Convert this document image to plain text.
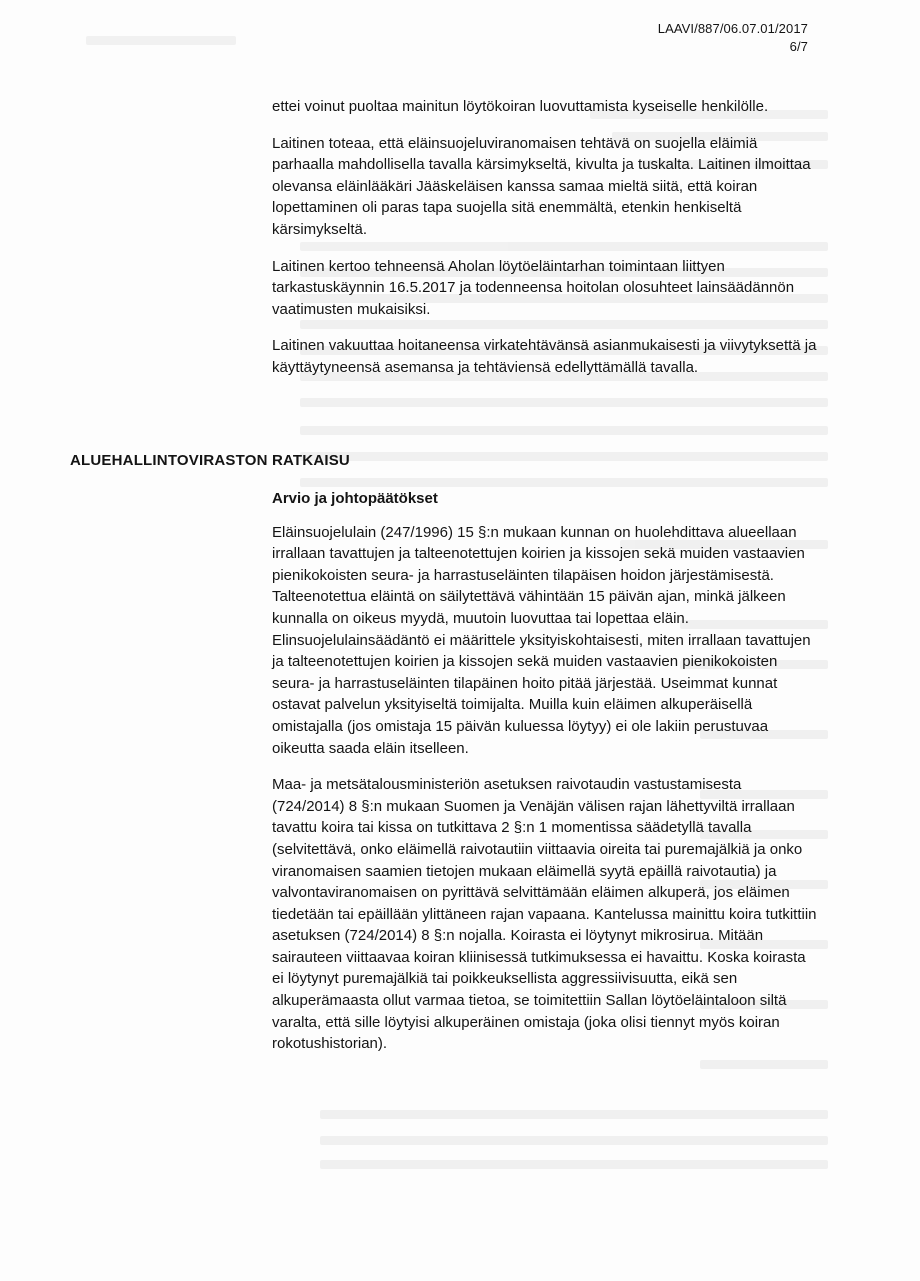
LAAVI/887/06.07.01/2017
6/7

ettei voinut puoltaa mainitun löytökoiran luovuttamista kyseiselle henkilölle.

Laitinen toteaa, että eläinsuojeluviranomaisen tehtävä on suojella eläimiä parhaalla mahdollisella tavalla kärsimykseltä, kivulta ja tuskalta. Laitinen ilmoittaa olevansa eläinlääkäri Jääskeläisen kanssa samaa mieltä siitä, että koiran lopettaminen oli paras tapa suojella sitä enemmältä, etenkin henkiseltä kärsimykseltä.

Laitinen kertoo tehneensä Aholan löytöeläintarhan toimintaan liittyen tarkastuskäynnin 16.5.2017 ja todenneensa hoitolan olosuhteet lainsäädännön vaatimusten mukaisiksi.

Laitinen vakuuttaa hoitaneensa virkatehtävänsä asianmukaisesti ja viivytyksettä ja käyttäytyneensä asemansa ja tehtäviensä edellyttämällä tavalla.

ALUEHALLINTOVIRASTON RATKAISU
Arvio ja johtopäätökset

Eläinsuojelulain (247/1996) 15 §:n mukaan kunnan on huolehdittava alueellaan irrallaan tavattujen ja talteenotettujen koirien ja kissojen sekä muiden vastaavien pienikokoisten seura- ja harrastuseläinten tilapäisen hoidon järjestämisestä. Talteenotettua eläintä on säilytettävä vähintään 15 päivän ajan, minkä jälkeen kunnalla on oikeus myydä, muutoin luovuttaa tai lopettaa eläin. Elinsuojelulainsäädäntö ei määrittele yksityiskohtaisesti, miten irrallaan tavattujen ja talteenotettujen koirien ja kissojen sekä muiden vastaavien pienikokoisten seura- ja harrastuseläinten tilapäinen hoito pitää järjestää. Useimmat kunnat ostavat palvelun yksityiseltä toimijalta. Muilla kuin eläimen alkuperäisellä omistajalla (jos omistaja 15 päivän kuluessa löytyy) ei ole lakiin perustuvaa oikeutta saada eläin itselleen.

Maa- ja metsätalousministeriön asetuksen raivotaudin vastustamisesta (724/2014) 8 §:n mukaan Suomen ja Venäjän välisen rajan lähettyviltä irrallaan tavattu koira tai kissa on tutkittava 2 §:n 1 momentissa säädetyllä tavalla (selvitettävä, onko eläimellä raivotautiin viittaavia oireita tai puremajälkiä ja onko viranomaisen saamien tietojen mukaan eläimellä syytä epäillä raivotautia) ja valvontaviranomaisen on pyrittävä selvittämään eläimen alkuperä, jos eläimen tiedetään tai epäillään ylittäneen rajan vapaana. Kantelussa mainittu koira tutkittiin asetuksen (724/2014) 8 §:n nojalla. Koirasta ei löytynyt mikrosirua. Mitään sairauteen viittaavaa koiran kliinisessä tutkimuksessa ei havaittu. Koska koirasta ei löytynyt puremajälkiä tai poikkeuksellista aggressiivisuutta, eikä sen alkuperämaasta ollut varmaa tietoa, se toimitettiin Sallan löytöeläintaloon siltä varalta, että sille löytyisi alkuperäinen omistaja (joka olisi tiennyt myös koiran rokotushistorian).
